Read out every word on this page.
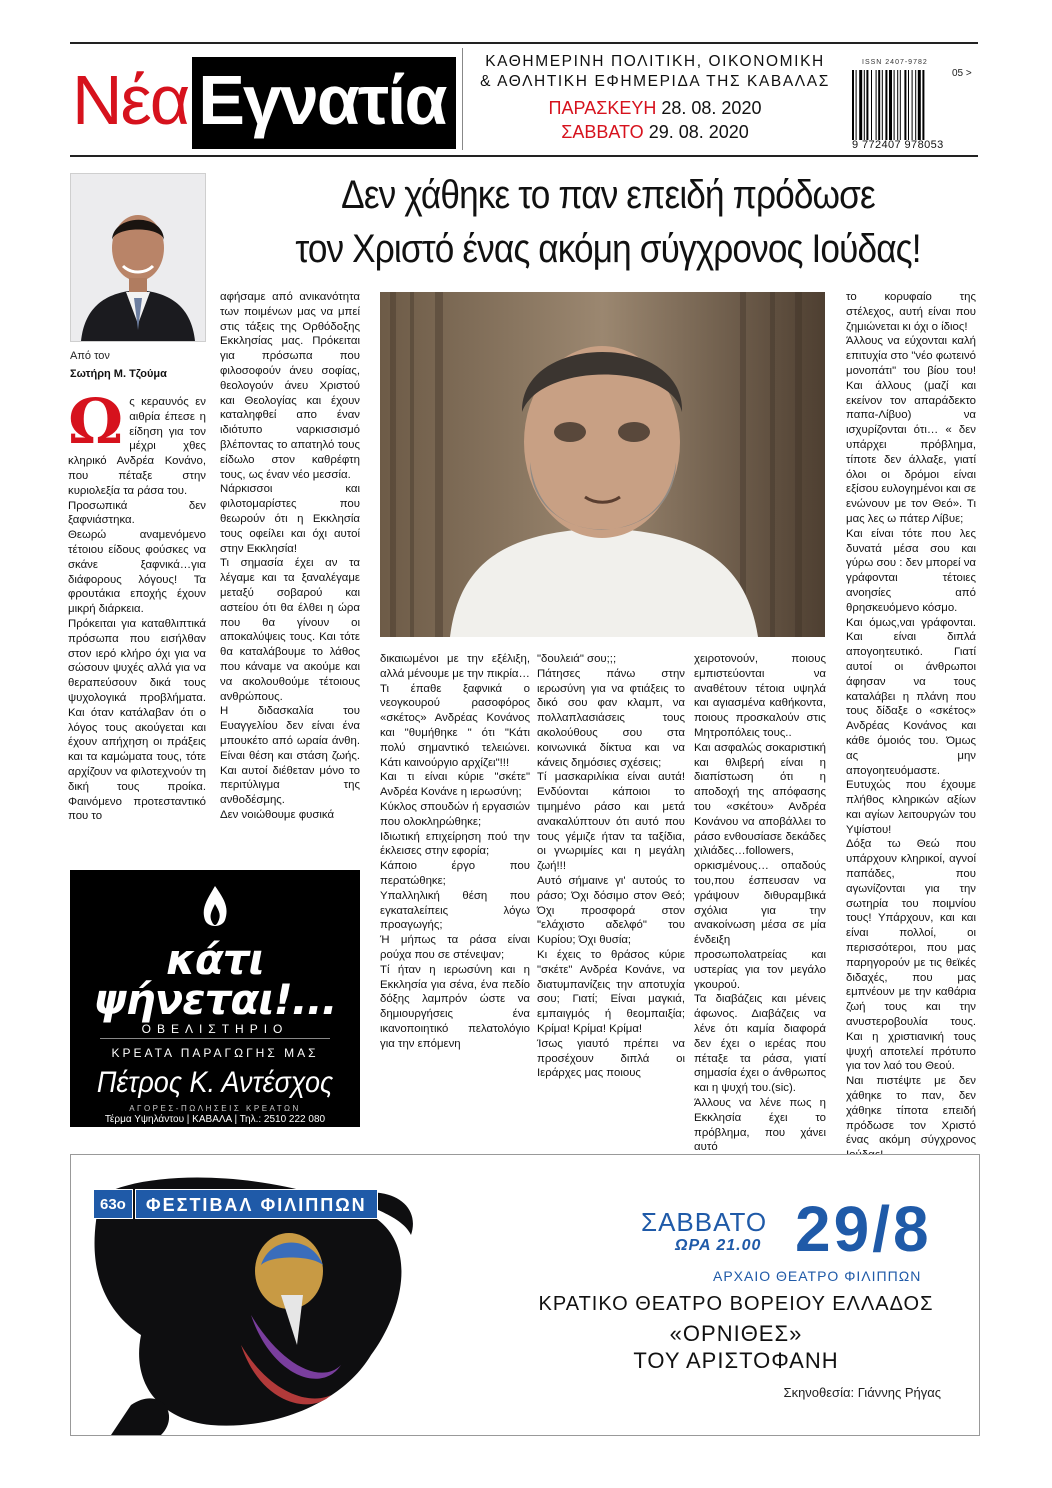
Νέα Εγνατία	ΚΑΘΗΜΕΡΙΝΗ ΠΟΛΙΤΙΚΗ, ΟΙΚΟΝΟΜΙΚΗ
& ΑΘΛΗΤΙΚΗ ΕΦΗΜΕΡΙΔΑ ΤΗΣ ΚΑΒΑΛΑΣ
ΠΑΡΑΣΚΕΥΗ 28. 08. 2020
ΣΑΒΒΑΤΟ 29. 08. 2020
ISSN 2407-9782
05 >
9 772407 978053
Δεν χάθηκε το παν επειδή πρόδωσε
τον Χριστό ένας ακόμη σύγχρονος Ιούδας!
Από τον
Σωτήρη Μ. Τζούμα
Ω ς κεραυνός εν αιθρία έπεσε η είδηση για τον μέχρι χθες κληρικό Ανδρέα Κονάνο, που πέταξε στην κυριολεξία τα ράσα του.

Προσωπικά δεν ξαφνιάστηκα.

Θεωρώ αναμενόμενο τέτοιου είδους φούσκες να σκάνε ξαφνικά…για διάφορους λόγους! Τα φρουτάκια εποχής έχουν μικρή διάρκεια.

Πρόκειται για καταθλιπτικά πρόσωπα που εισήλθαν στον ιερό κλήρο όχι για να σώσουν ψυχές αλλά για να θεραπεύσουν δικά τους ψυχολογικά προβλήματα. Και όταν κατάλαβαν ότι ο λόγος τους ακούγεται και έχουν απήχηση οι πράξεις και τα καμώματα τους, τότε αρχίζουν να φιλοτεχνούν τη δική τους προίκα. Φαινόμενο προτεσταντικό που το

αφήσαμε από ανικανότητα των ποιμένων μας να μπεί στις τάξεις της Ορθόδοξης Εκκλησίας μας. Πρόκειται για πρόσωπα που φιλοσοφούν άνευ σοφίας, θεολογούν άνευ Χριστού και Θεολογίας και έχουν καταληφθεί απο έναν ιδιότυπο ναρκισσισμό βλέποντας το απατηλό τους είδωλο στον καθρέφτη τους, ως έναν νέο μεσσία.

Νάρκισσοι και φιλοτομαρίστες που θεωρούν ότι η Εκκλησία τους οφείλει και όχι αυτοί στην Εκκλησία!

Τι σημασία έχει αν τα λέγαμε και τα ξαναλέγαμε μεταξύ σοβαρού και αστείου ότι θα έλθει η ώρα που θα γίνουν οι αποκαλύψεις τους. Και τότε θα καταλάβουμε το λάθος που κάναμε να ακούμε και να ακολουθούμε τέτοιους ανθρώπους.

Η διδασκαλία του Ευαγγελίου δεν είναι ένα μπουκέτο από ωραία άνθη. Είναι θέση και στάση ζωής. Και αυτοί διέθεταν μόνο το περιτύλιγμα της ανθοδέσμης.

Δεν νοιώθουμε φυσικά

δικαιωμένοι με την εξέλιξη, αλλά μένουμε με την πικρία…

Τι έπαθε ξαφνικά ο νεογκουρού ρασοφόρος «σκέτος» Ανδρέας Κονάνος και "θυμήθηκε " ότι "Κάτι πολύ σημαντικό τελειώνει. Κάτι καινούργιο αρχίζει"!!!

Και τι είναι κύριε "σκέτε" Ανδρέα Κονάνε η ιερωσύνη;

Κύκλος σπουδών ή εργασιών που ολοκληρώθηκε;

Ιδιωτική επιχείρηση πού την έκλεισες στην εφορία;

Κάποιο έργο που περατώθηκε;

Υπαλληλική θέση που εγκαταλείπεις λόγω προαγωγής;

Ή μήπως τα ράσα είναι ρούχα που σε στένεψαν;

Τί ήταν η ιερωσύνη και η Εκκλησία για σένα, ένα πεδίο δόξης λαμπρόν ώστε να δημιουργήσεις ένα ικανοποιητικό πελατολόγιο για την επόμενη

"δουλειά" σου;;;

Πάτησες πάνω στην ιερωσύνη για να φτιάξεις το δικό σου φαν κλαμπ, να πολλαπλασιάσεις τους ακολούθους σου στα κοινωνικά δίκτυα και να κάνεις δημόσιες σχέσεις;

Τί μασκαριλίκια είναι αυτά! Ενδύονται κάποιοι το τιμημένο ράσο και μετά ανακαλύπτουν ότι αυτό που τους γέμιζε ήταν τα ταξίδια, οι γνωριμίες και η μεγάλη ζωή!!!

Αυτό σήμαινε γι' αυτούς το ράσο; Όχι δόσιμο στον Θεό; Όχι προσφορά στον "ελάχιστο αδελφό" του Κυρίου; Όχι θυσία;

Κι έχεις το θράσος κύριε "σκέτε" Ανδρέα Κονάνε, να διατυμπανίζεις την αποτυχία σου; Γιατί; Είναι μαγκιά, εμπαιγμός ή θεομπαιξία; Κρίμα! Κρίμα! Κρίμα!

Ίσως γιαυτό πρέπει να προσέχουν διπλά οι Ιεράρχες μας ποιους

χειροτονούν, ποιους εμπιστεύονται να αναθέτουν τέτοια υψηλά και αγιασμένα καθήκοντα, ποιους προσκαλούν στις Μητροπόλεις τους..

Και ασφαλώς σοκαριστική και θλιβερή είναι η διαπίστωση ότι η αποδοχή της απόφασης του «σκέτου» Ανδρέα Κονάνου να αποβάλλει το ράσο ενθουσίασε δεκάδες χιλιάδες…followers, ορκισμένους… οπαδούς του,που έσπευσαν να γράψουν διθυραμβικά σχόλια για την ανακοίνωση μέσα σε μία ένδειξη προσωπολατρείας και υστερίας για τον μεγάλο γκουρού.

Τα διαβάζεις και μένεις άφωνος. Διαβάζεις να λένε ότι καμία διαφορά δεν έχει ο ιερέας που πέταξε τα ράσα, γιατί σημασία έχει ο άνθρωπος και η ψυχή του.(sic).

Άλλους να λένε πως η Εκκλησία έχει το πρόβλημα, που χάνει αυτό

το κορυφαίο της στέλεχος, αυτή είναι που ζημιώνεται κι όχι ο ίδιος!

Άλλους να εύχονται καλή επιτυχία στο "νέο φωτεινό μονοπάτι" του βίου του! Και άλλους (μαζί και εκείνον τον απαράδεκτο παπα-Λίβυο) να ισχυρίζονται ότι… « δεν υπάρχει πρόβλημα, τίποτε δεν άλλαξε, γιατί όλοι οι δρόμοι είναι εξίσου ευλογημένοι και σε ενώνουν με τον Θεό». Τι μας λες ω πάτερ Λίβυε;

Και είναι τότε που λες δυνατά μέσα σου και γύρω σου : δεν μπορεί να γράφονται τέτοιες ανοησίες από θρησκευόμενο κόσμο.

Και όμως,ναι γράφονται. Και είναι διπλά απογοητευτικό. Γιατί αυτοί οι άνθρωποι άφησαν να τους καταλάβει η πλάνη που τους δίδαξε ο «σκέτος» Ανδρέας Κονάνος και κάθε όμοιός του. Όμως ας μην απογοητευόμαστε.

Ευτυχώς που έχουμε πλήθος κληρικών αξίων και αγίων λειτουργών του Υψίστου!

Δόξα τω Θεώ που υπάρχουν κληρικοί, αγνοί παπάδες, που αγωνίζονται για την σωτηρία του ποιμνίου τους! Υπάρχουν, και και είναι πολλοί, οι περισσότεροι, που μας παρηγορούν με τις θεϊκές διδαχές, που μας εμπνέουν με την καθάρια ζωή τους και την ανυστεροβουλία τους. Και η χριστιανική τους ψυχή αποτελεί πρότυπο για τον λαό του Θεού.

Ναι πιστέψτε με δεν χάθηκε το παν, δεν χάθηκε τίποτα επειδή πρόδωσε τον Χριστό ένας ακόμη σύγχρονος

κάτι
ψήνεται!...
ΟΒΕΛΙΣΤΗΡΙΟ
ΚΡΕΑΤΑ ΠΑΡΑΓΩΓΗΣ ΜΑΣ
Πέτρος Κ. Αντέσχος
ΑΓΟΡΕΣ-ΠΩΛΗΣΕΙΣ ΚΡΕΑΤΩΝ
Τέρμα Υψηλάντου | ΚΑΒΑΛΑ | Τηλ.: 2510 222 080
63ο	ΦΕΣΤΙΒΑΛ ΦΙΛΙΠΠΩΝ
ΣΑΒΒΑΤΟ
ΩΡΑ 21.00 29/8
ΑΡΧΑΙΟ ΘΕΑΤΡΟ ΦΙΛΙΠΠΩΝ
ΚΡΑΤΙΚΟ ΘΕΑΤΡΟ ΒΟΡΕΙΟΥ ΕΛΛΑΔΟΣ
«ΟΡΝΙΘΕΣ»
ΤΟΥ ΑΡΙΣΤΟΦΑΝΗ
Σκηνοθεσία: Γιάννης Ρήγας
